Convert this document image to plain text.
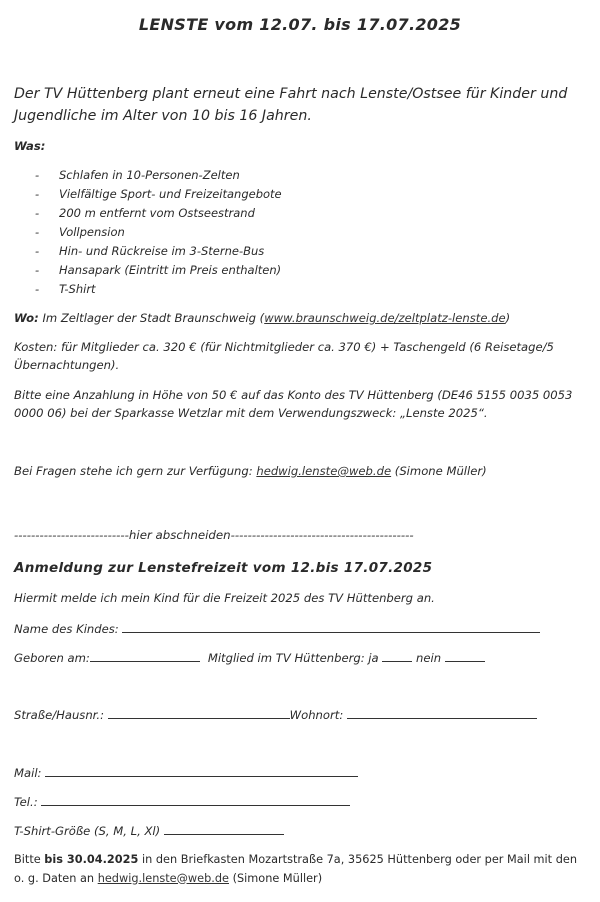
LENSTE vom 12.07. bis 17.07.2025
Der TV Hüttenberg plant erneut eine Fahrt nach Lenste/Ostsee für Kinder und Jugendliche im Alter von 10 bis 16 Jahren.
Was:
- Schlafen in 10-Personen-Zelten
- Vielfältige Sport- und Freizeitangebote
- 200 m entfernt vom Ostseestrand
- Vollpension
- Hin- und Rückreise im 3-Sterne-Bus
- Hansapark (Eintritt im Preis enthalten)
- T-Shirt
Wo: Im Zeltlager der Stadt Braunschweig (www.braunschweig.de/zeltplatz-lenste.de)
Kosten: für Mitglieder ca. 320 € (für Nichtmitglieder ca. 370 €) + Taschengeld (6 Reisetage/5 Übernachtungen).
Bitte eine Anzahlung in Höhe von 50 € auf das Konto des TV Hüttenberg (DE46 5155 0035 0053 0000 06) bei der Sparkasse Wetzlar mit dem Verwendungszweck: „Lenste 2025“.
Bei Fragen stehe ich gern zur Verfügung: hedwig.lenste@web.de (Simone Müller)
---------------------------hier abschneiden-------------------------------------------
Anmeldung zur Lenstefreizeit vom 12.bis 17.07.2025
Hiermit melde ich mein Kind für die Freizeit 2025 des TV Hüttenberg an.
Name des Kindes:
Geboren am:	Mitglied im TV Hüttenberg: ja	nein
Straße/Hausnr.:	Wohnort:
Mail:
Tel.:
T-Shirt-Größe (S, M, L, Xl)
Bitte bis 30.04.2025 in den Briefkasten Mozartstraße 7a, 35625 Hüttenberg oder per Mail mit den o. g. Daten an hedwig.lenste@web.de (Simone Müller)
